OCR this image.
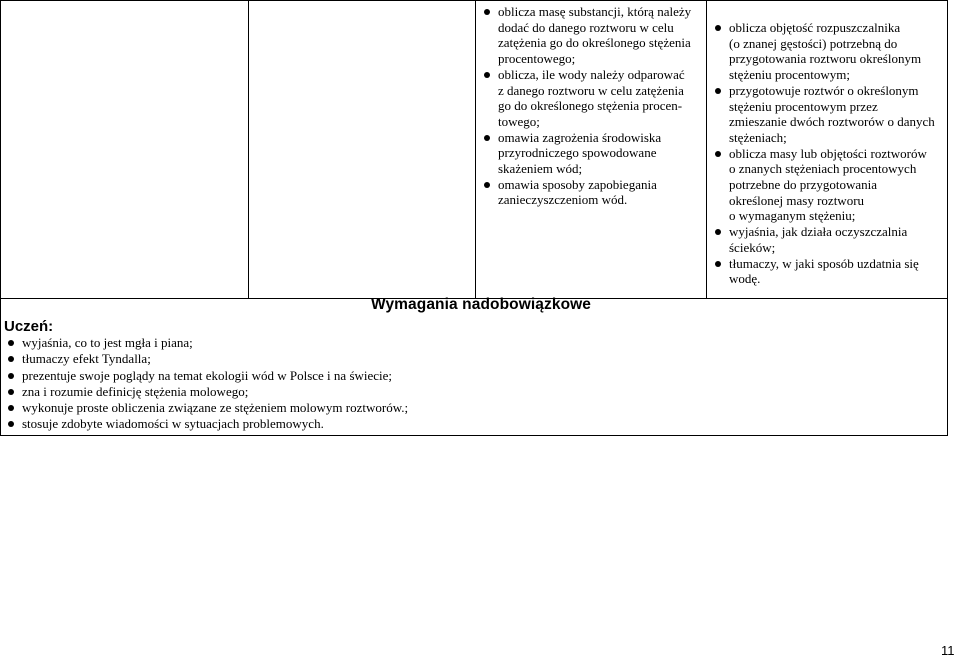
oblicza masę substancji, którą należy
dodać do danego roztworu w celu
zatężenia go do określonego stężenia
procentowego;
oblicza, ile wody należy odparować
z danego roztworu w celu zatężenia
go do określonego stężenia procen-
towego;
omawia zagrożenia środowiska
przyrodniczego spowodowane
skażeniem wód;
omawia sposoby zapobiegania
zanieczyszczeniom wód.
oblicza objętość rozpuszczalnika
(o znanej gęstości) potrzebną do
przygotowania roztworu określonym
stężeniu procentowym;
przygotowuje roztwór o określonym
stężeniu procentowym przez
zmieszanie dwóch roztworów o danych
stężeniach;
oblicza masy lub objętości roztworów
o znanych stężeniach procentowych
potrzebne do przygotowania
określonej masy roztworu
o wymaganym stężeniu;
wyjaśnia, jak działa oczyszczalnia
ścieków;
tłumaczy, w jaki sposób uzdatnia się
wodę.
Wymagania nadobowiązkowe
Uczeń:
wyjaśnia, co to jest mgła i piana;
tłumaczy efekt Tyndalla;
prezentuje swoje poglądy na temat ekologii wód w Polsce i na świecie;
zna i rozumie definicję stężenia molowego;
wykonuje proste obliczenia związane ze stężeniem molowym roztworów.;
stosuje zdobyte wiadomości w sytuacjach problemowych.
11
